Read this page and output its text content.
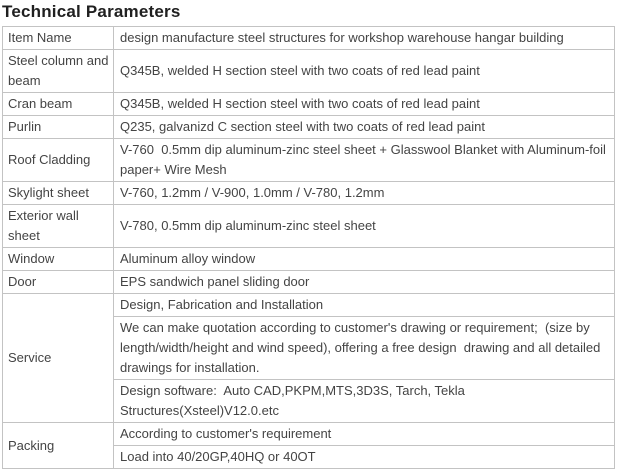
Technical Parameters
Item Name	design manufacture steel structures for workshop warehouse hangar building
Steel column and beam	Q345B, welded H section steel with two coats of red lead paint
Cran beam	Q345B, welded H section steel with two coats of red lead paint
Purlin	Q235, galvanizd C section steel with two coats of red lead paint
Roof Cladding	V-760  0.5mm dip aluminum-zinc steel sheet + Glasswool Blanket with Aluminum-foil paper+ Wire Mesh
Skylight sheet	V-760, 1.2mm / V-900, 1.0mm / V-780, 1.2mm
Exterior wall sheet	V-780, 0.5mm dip aluminum-zinc steel sheet
Window	Aluminum alloy window
Door	EPS sandwich panel sliding door
Service	Design, Fabrication and Installation
	We can make quotation according to customer's drawing or requirement;  (size by length/width/height and wind speed), offering a free design  drawing and all detailed drawings for installation.
	Design software:  Auto CAD,PKPM,MTS,3D3S, Tarch, Tekla Structures(Xsteel)V12.0.etc
Packing	According to customer's requirement
	Load into 40/20GP,40HQ or 40OT
